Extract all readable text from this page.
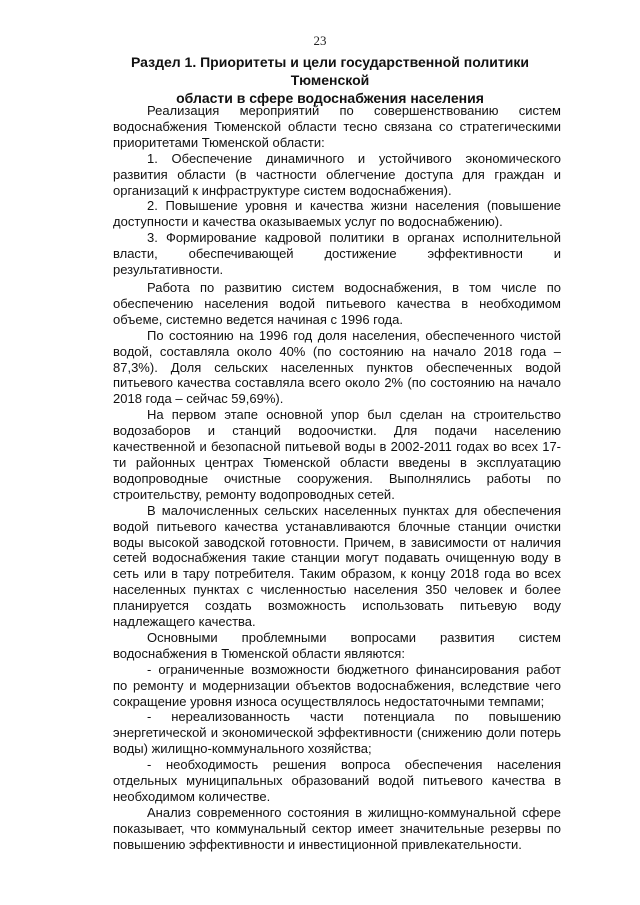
23
Раздел 1. Приоритеты и цели государственной политики Тюменской
области в сфере водоснабжения населения

Реализация мероприятий по совершенствованию систем водоснабжения Тюменской области тесно связана со стратегическими приоритетами Тюменской области:

1. Обеспечение динамичного и устойчивого экономического развития области (в частности облегчение доступа для граждан и организаций к инфраструктуре систем водоснабжения).

2. Повышение уровня и качества жизни населения (повышение доступности и качества оказываемых услуг по водоснабжению).

3. Формирование кадровой политики в органах исполнительной власти, обеспечивающей достижение эффективности и результативности.

Работа по развитию систем водоснабжения, в том числе по обеспечению населения водой питьевого качества в необходимом объеме, системно ведется начиная с 1996 года.

По состоянию на 1996 год доля населения, обеспеченного чистой водой, составляла около 40% (по состоянию на начало 2018 года – 87,3%). Доля сельских населенных пунктов обеспеченных водой питьевого качества составляла всего около 2% (по состоянию на начало 2018 года – сейчас 59,69%).

На первом этапе основной упор был сделан на строительство водозаборов и станций водоочистки. Для подачи населению качественной и безопасной питьевой воды в 2002-2011 годах во всех 17-ти районных центрах Тюменской области введены в эксплуатацию водопроводные очистные сооружения. Выполнялись работы по строительству, ремонту водопроводных сетей.

В малочисленных сельских населенных пунктах для обеспечения водой питьевого качества устанавливаются блочные станции очистки воды высокой заводской готовности. Причем, в зависимости от наличия сетей водоснабжения такие станции могут подавать очищенную воду в сеть или в тару потребителя. Таким образом, к концу 2018 года во всех населенных пунктах с численностью населения 350 человек и более планируется создать возможность использовать питьевую воду надлежащего качества.

Основными проблемными вопросами развития систем водоснабжения в Тюменской области являются:

- ограниченные возможности бюджетного финансирования работ по ремонту и модернизации объектов водоснабжения, вследствие чего сокращение уровня износа осуществлялось недостаточными темпами;

- нереализованность части потенциала по повышению энергетической и экономической эффективности (снижению доли потерь воды) жилищно-коммунального хозяйства;

- необходимость решения вопроса обеспечения населения отдельных муниципальных образований водой питьевого качества в необходимом количестве.

Анализ современного состояния в жилищно-коммунальной сфере показывает, что коммунальный сектор имеет значительные резервы по повышению эффективности и инвестиционной привлекательности.
